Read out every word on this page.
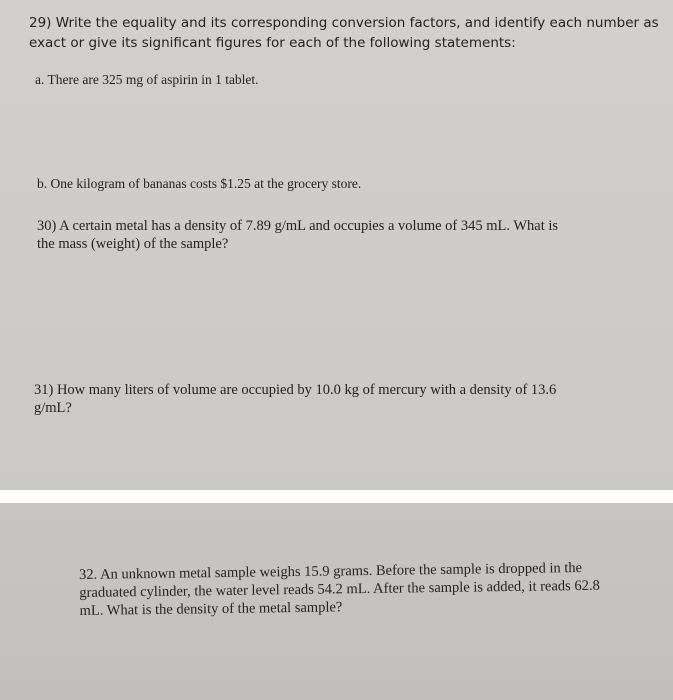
29) Write the equality and its corresponding conversion factors, and identify each number as
exact or give its significant figures for each of the following statements:
a. There are 325 mg of aspirin in 1 tablet.
b. One kilogram of bananas costs $1.25 at the grocery store.
30) A certain metal has a density of 7.89 g/mL and occupies a volume of 345 mL. What is
the mass (weight) of the sample?
31) How many liters of volume are occupied by 10.0 kg of mercury with a density of 13.6
g/mL?
32. An unknown metal sample weighs 15.9 grams. Before the sample is dropped in the
graduated cylinder, the water level reads 54.2 mL. After the sample is added, it reads 62.8
mL. What is the density of the metal sample?
